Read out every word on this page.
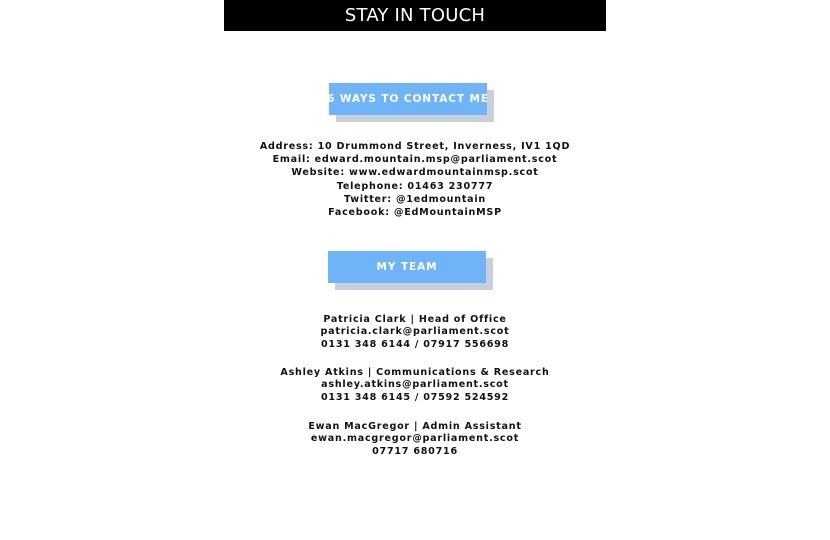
STAY IN TOUCH
6 WAYS TO CONTACT ME
Address: 10 Drummond Street, Inverness, IV1 1QD
Email: edward.mountain.msp@parliament.scot
Website: www.edwardmountainmsp.scot
Telephone: 01463 230777
Twitter: @1edmountain
Facebook: @EdMountainMSP
MY TEAM
Patricia Clark | Head of Office
patricia.clark@parliament.scot
0131 348 6144 / 07917 556698
Ashley Atkins | Communications & Research
ashley.atkins@parliament.scot
0131 348 6145 / 07592 524592
Ewan MacGregor | Admin Assistant
ewan.macgregor@parliament.scot
07717 680716
